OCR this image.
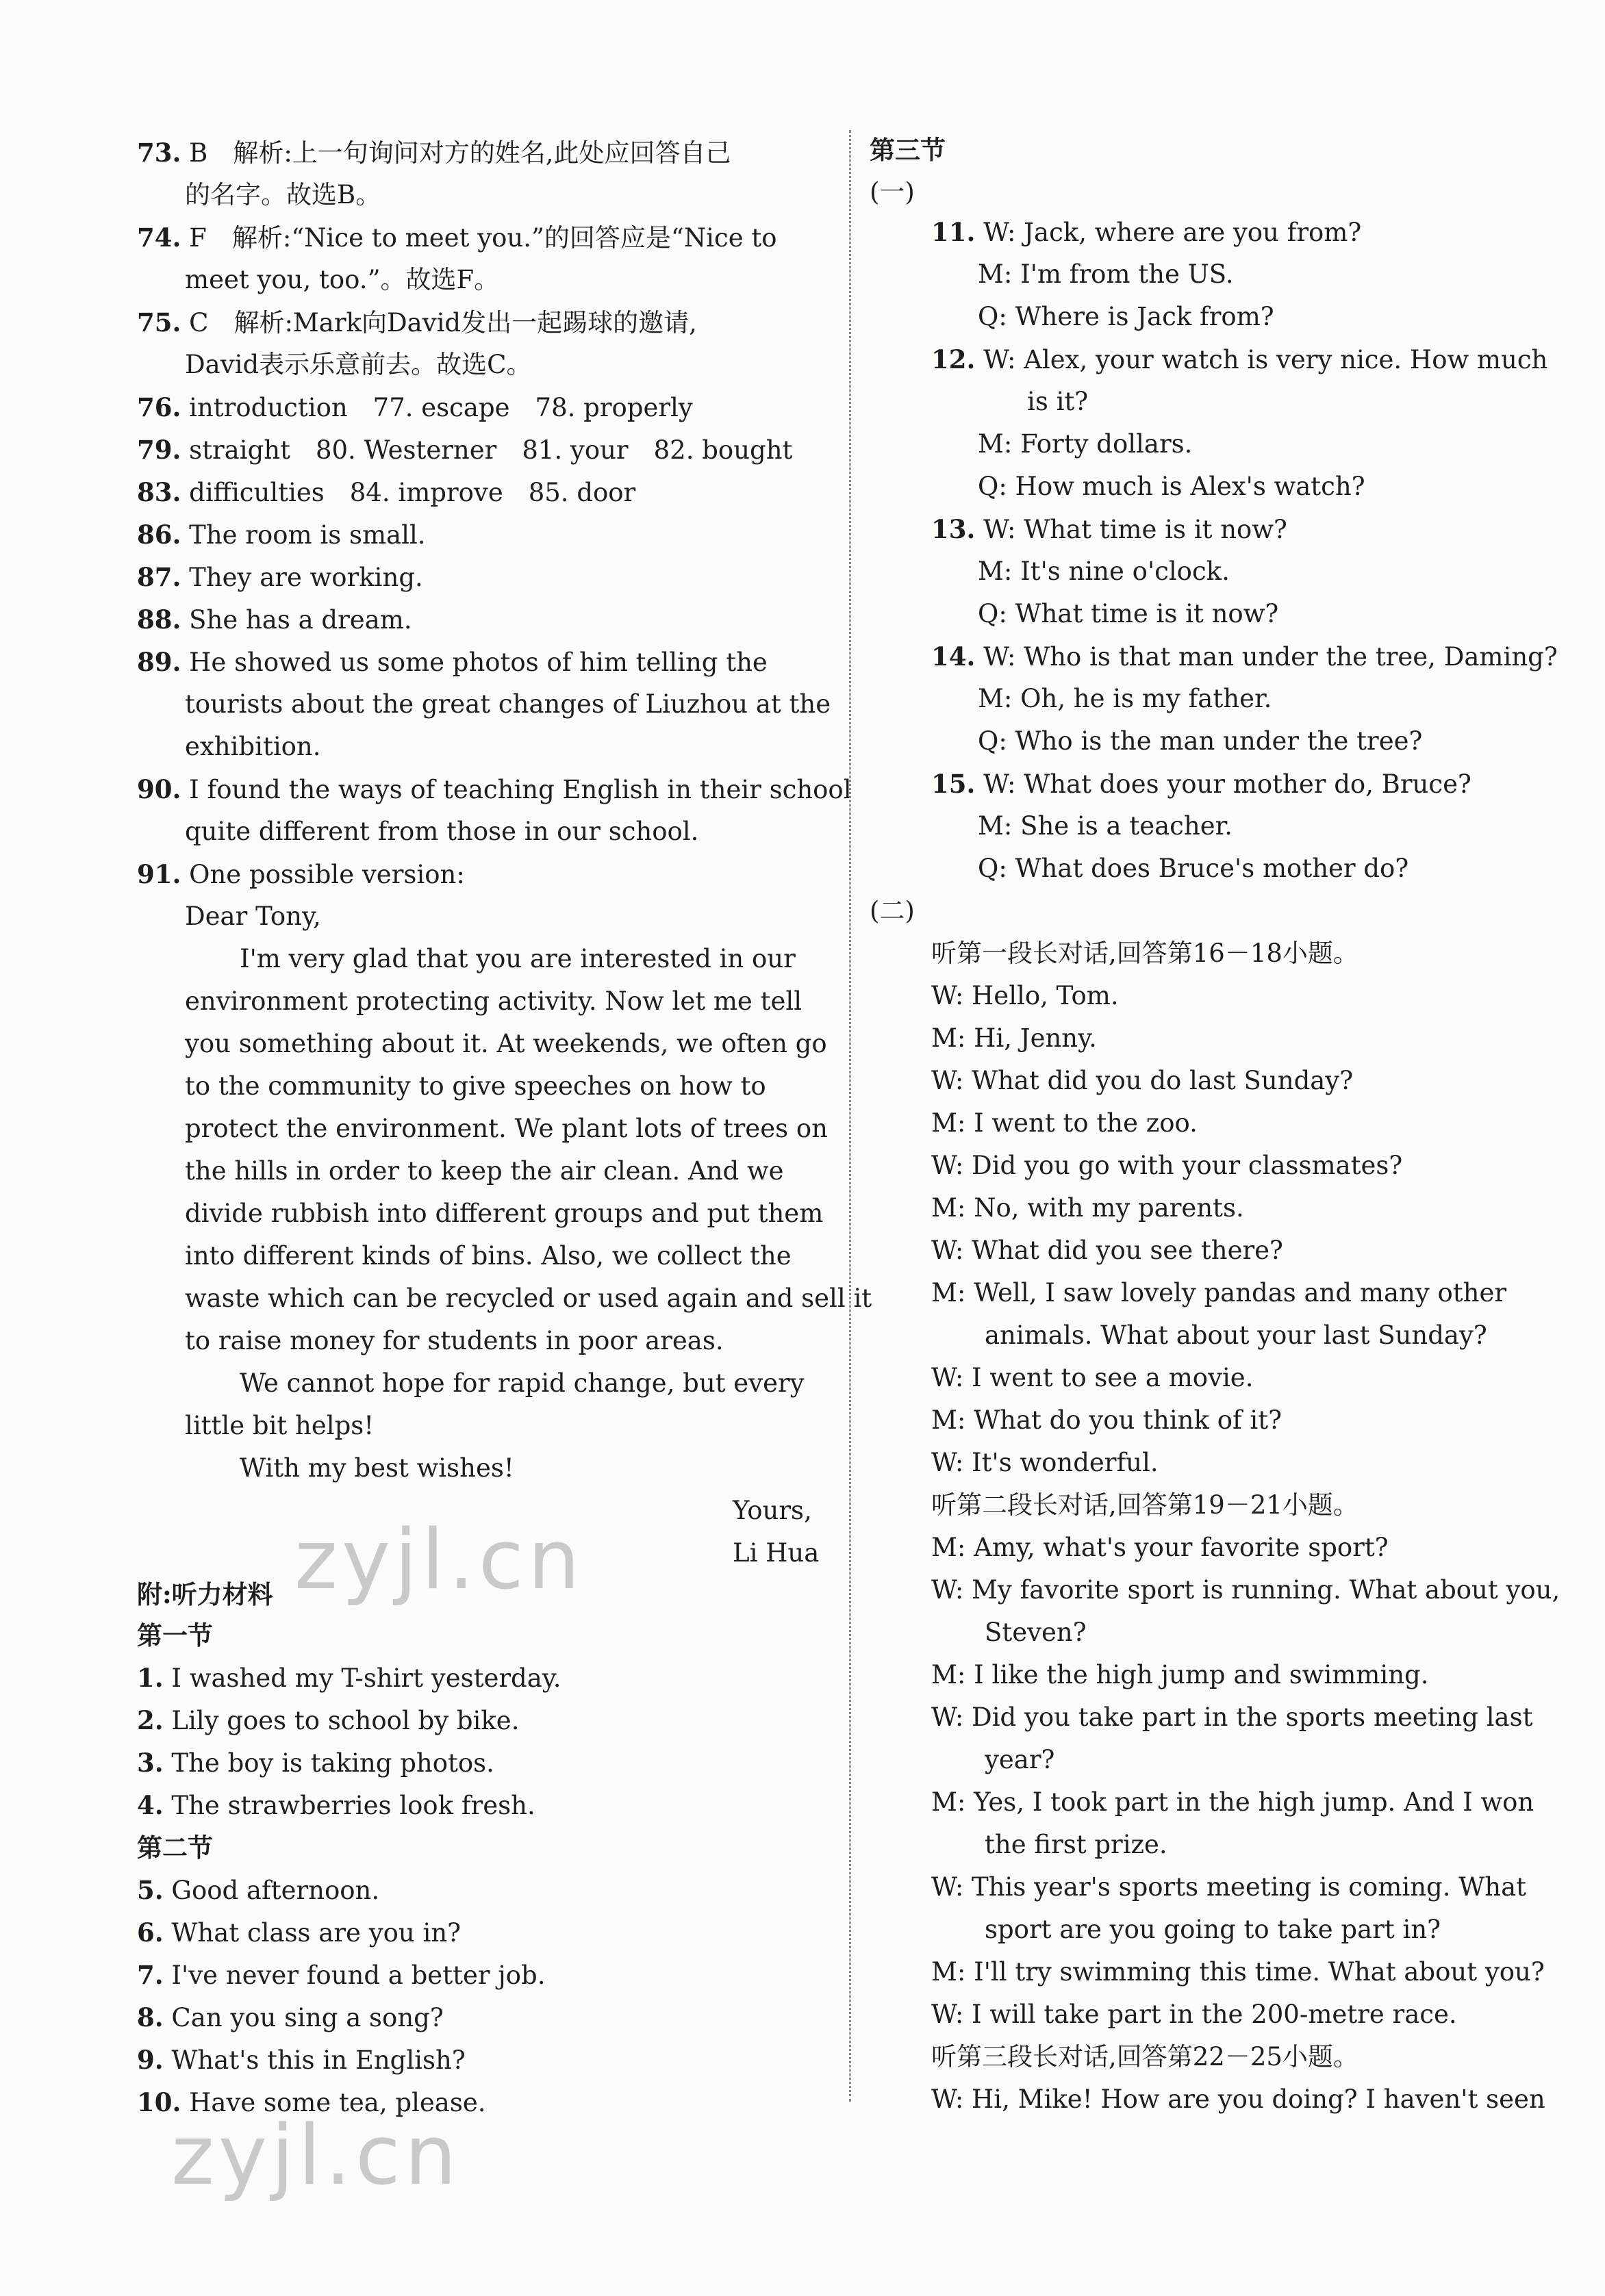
73. B　解析:上一句询问对方的姓名,此处应回答自己
的名字。故选B。
74. F　解析:“Nice to meet you.”的回答应是“Nice to
meet you, too.”。故选F。
75. C　解析:Mark向David发出一起踢球的邀请,
David表示乐意前去。故选C。
76. introduction　77. escape　78. properly
79. straight　80. Westerner　81. your　82. bought
83. difficulties　84. improve　85. door
86. The room is small.
87. They are working.
88. She has a dream.
89. He showed us some photos of him telling the
tourists about the great changes of Liuzhou at the
exhibition.
90. I found the ways of teaching English in their school
quite different from those in our school.
91. One possible version:
Dear Tony,
I'm very glad that you are interested in our
environment protecting activity. Now let me tell
you something about it. At weekends, we often go
to the community to give speeches on how to
protect the environment. We plant lots of trees on
the hills in order to keep the air clean. And we
divide rubbish into different groups and put them
into different kinds of bins. Also, we collect the
waste which can be recycled or used again and sell it
to raise money for students in poor areas.
We cannot hope for rapid change, but every
little bit helps!
With my best wishes!
Yours,
Li Hua
附:听力材料
第一节
1. I washed my T-shirt yesterday.
2. Lily goes to school by bike.
3. The boy is taking photos.
4. The strawberries look fresh.
第二节
5. Good afternoon.
6. What class are you in?
7. I've never found a better job.
8. Can you sing a song?
9. What's this in English?
10. Have some tea, please.
第三节
(一)
11. W: Jack, where are you from?
M: I'm from the US.
Q: Where is Jack from?
12. W: Alex, your watch is very nice. How much
is it?
M: Forty dollars.
Q: How much is Alex's watch?
13. W: What time is it now?
M: It's nine o'clock.
Q: What time is it now?
14. W: Who is that man under the tree, Daming?
M: Oh, he is my father.
Q: Who is the man under the tree?
15. W: What does your mother do, Bruce?
M: She is a teacher.
Q: What does Bruce's mother do?
(二)
听第一段长对话,回答第16－18小题。
W: Hello, Tom.
M: Hi, Jenny.
W: What did you do last Sunday?
M: I went to the zoo.
W: Did you go with your classmates?
M: No, with my parents.
W: What did you see there?
M: Well, I saw lovely pandas and many other
animals. What about your last Sunday?
W: I went to see a movie.
M: What do you think of it?
W: It's wonderful.
听第二段长对话,回答第19－21小题。
M: Amy, what's your favorite sport?
W: My favorite sport is running. What about you,
Steven?
M: I like the high jump and swimming.
W: Did you take part in the sports meeting last
year?
M: Yes, I took part in the high jump. And I won
the first prize.
W: This year's sports meeting is coming. What
sport are you going to take part in?
M: I'll try swimming this time. What about you?
W: I will take part in the 200-metre race.
听第三段长对话,回答第22－25小题。
W: Hi, Mike! How are you doing? I haven't seen
zyjl.cn
zyjl.cn
